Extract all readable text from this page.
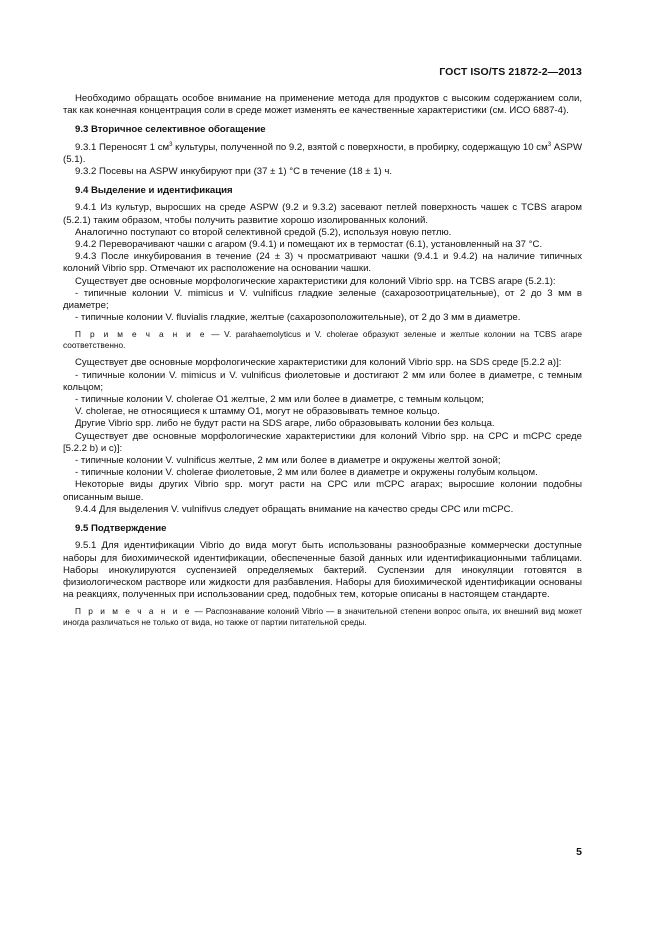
ГОСТ ISO/TS 21872-2—2013

Необходимо обращать особое внимание на применение метода для продуктов с высоким содержанием соли, так как конечная концентрация соли в среде может изменять ее качественные характеристики (см. ИСО 6887-4).

9.3 Вторичное селективное обогащение

9.3.1 Переносят 1 $см^3$ культуры, полученной по 9.2, взятой с поверхности, в пробирку, содержащую 10 $см^3$ ASPW (5.1).

9.3.2 Посевы на ASPW инкубируют при (37 ± 1) °С в течение (18 ± 1) ч.

9.4 Выделение и идентификация

9.4.1 Из культур, выросших на среде ASPW (9.2 и 9.3.2) засевают петлей поверхность чашек с TCBS агаром (5.2.1) таким образом, чтобы получить развитие хорошо изолированных колоний.

Аналогично поступают со второй селективной средой (5.2), используя новую петлю.

9.4.2 Переворачивают чашки с агаром (9.4.1) и помещают их в термостат (6.1), установленный на 37 °С.

9.4.3 После инкубирования в течение (24 ± 3) ч просматривают чашки (9.4.1 и 9.4.2) на наличие типичных колоний Vibrio spp. Отмечают их расположение на основании чашки.

Существует две основные морфологические характеристики для колоний Vibrio spp. на TCBS агаре (5.2.1):

- типичные колонии V. mimicus и V. vulnificus гладкие зеленые (сахарозоотрицательные), от 2 до 3 мм в диаметре;

- типичные колонии V. fluvialis гладкие, желтые (сахарозоположительные), от 2 до 3 мм в диаметре.

П р и м е ч а н и е — V. parahaemolyticus и V. cholerae образуют зеленые и желтые колонии на TCBS агаре соответственно.

Существует две основные морфологические характеристики для колоний Vibrio spp. на SDS среде [5.2.2 а)]:

- типичные колонии V. mimicus и V. vulnificus фиолетовые и достигают 2 мм или более в диаметре, с темным кольцом;

- типичные колонии V. cholerae O1 желтые, 2 мм или более в диаметре, с темным кольцом;

V. cholerae, не относящиеся к штамму O1, могут не образовывать темное кольцо.

Другие Vibrio spp. либо не будут расти на SDS агаре, либо образовывать колонии без кольца.

Существует две основные морфологические характеристики для колоний Vibrio spp. на СРС и mCPC среде [5.2.2 b) и с)]:

- типичные колонии V. vulnificus желтые, 2 мм или более в диаметре и окружены желтой зоной;

- типичные колонии V. cholerae фиолетовые, 2 мм или более в диаметре и окружены голубым кольцом.

Некоторые виды других Vibrio spp. могут расти на СРС или mCPC агарах; выросшие колонии подобны описанным выше.

9.4.4 Для выделения V. vulnifivus следует обращать внимание на качество среды СРС или mCPC.

9.5 Подтверждение

9.5.1 Для идентификации Vibrio до вида могут быть использованы разнообразные коммерчески доступные наборы для биохимической идентификации, обеспеченные базой данных или идентификационными таблицами. Наборы инокулируются суспензией определяемых бактерий. Суспензии для инокуляции готовятся в физиологическом растворе или жидкости для разбавления. Наборы для биохимической идентификации основаны на реакциях, полученных при использовании сред, подобных тем, которые описаны в настоящем стандарте.

П р и м е ч а н и е — Распознавание колоний Vibrio — в значительной степени вопрос опыта, их внешний вид может иногда различаться не только от вида, но также от партии питательной среды.

5
